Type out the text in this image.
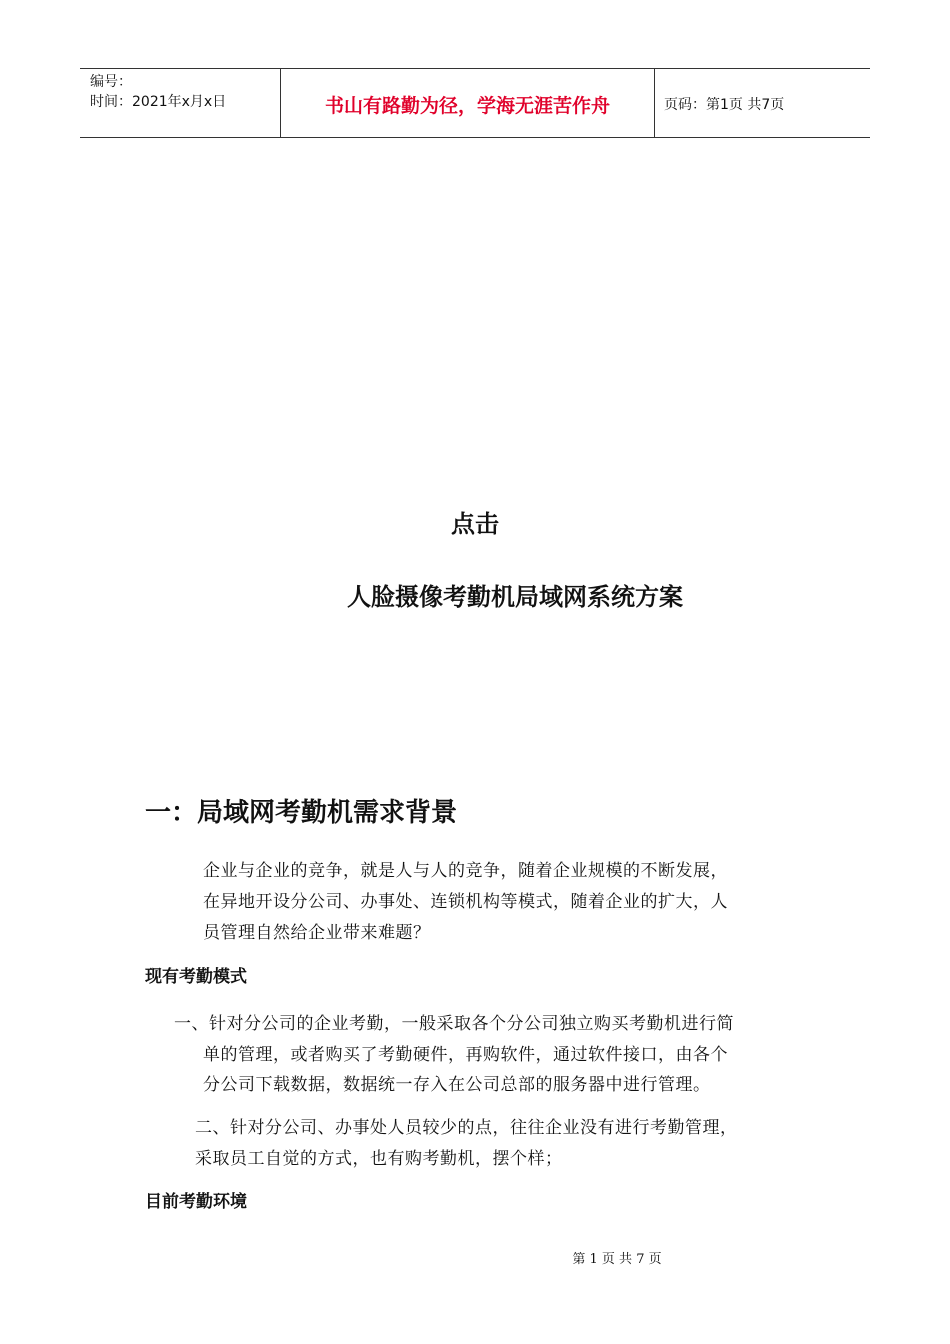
编号：
时间：2021年x月x日	书山有路勤为径，学海无涯苦作舟	页码：第1页 共7页
点击
人脸摄像考勤机局域网系统方案
一：局域网考勤机需求背景
企业与企业的竞争，就是人与人的竞争，随着企业规模的不断发展，
在异地开设分公司、办事处、连锁机构等模式，随着企业的扩大，人
员管理自然给企业带来难题？
现有考勤模式
一、针对分公司的企业考勤，一般采取各个分公司独立购买考勤机进行简
单的管理，或者购买了考勤硬件，再购软件，通过软件接口，由各个
分公司下载数据，数据统一存入在公司总部的服务器中进行管理。
二、针对分公司、办事处人员较少的点，往往企业没有进行考勤管理，
采取员工自觉的方式，也有购考勤机，摆个样；
目前考勤环境
第 1 页 共 7 页
